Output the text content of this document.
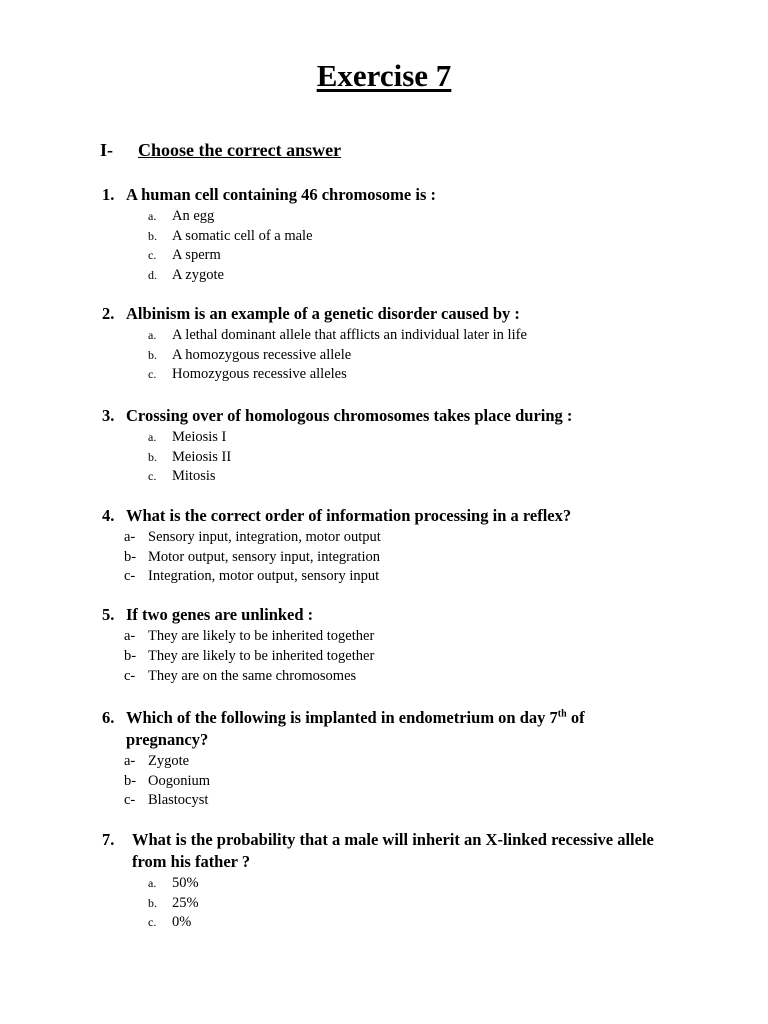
Exercise 7
I- Choose the correct answer
1. A human cell containing 46 chromosome is :
a. An egg
b. A somatic cell of a male
c. A sperm
d. A zygote
2. Albinism is an example of a genetic disorder caused by :
a. A lethal dominant allele that afflicts an individual later in life
b. A homozygous recessive allele
c. Homozygous recessive alleles
3. Crossing over of homologous chromosomes takes place during :
a. Meiosis I
b. Meiosis II
c. Mitosis
4. What is the correct order of information processing in a reflex?
a- Sensory input, integration, motor output
b- Motor output, sensory input, integration
c- Integration, motor output, sensory input
5. If two genes are unlinked :
a- They are likely to be inherited together
b- They are likely to be inherited together
c- They are on the same chromosomes
6. Which of the following is implanted in endometrium on day 7th of pregnancy?
a- Zygote
b- Oogonium
c- Blastocyst
7.	What is the probability that a male will inherit an X-linked recessive allele from his father ?
a. 50%
b. 25%
c. 0%
